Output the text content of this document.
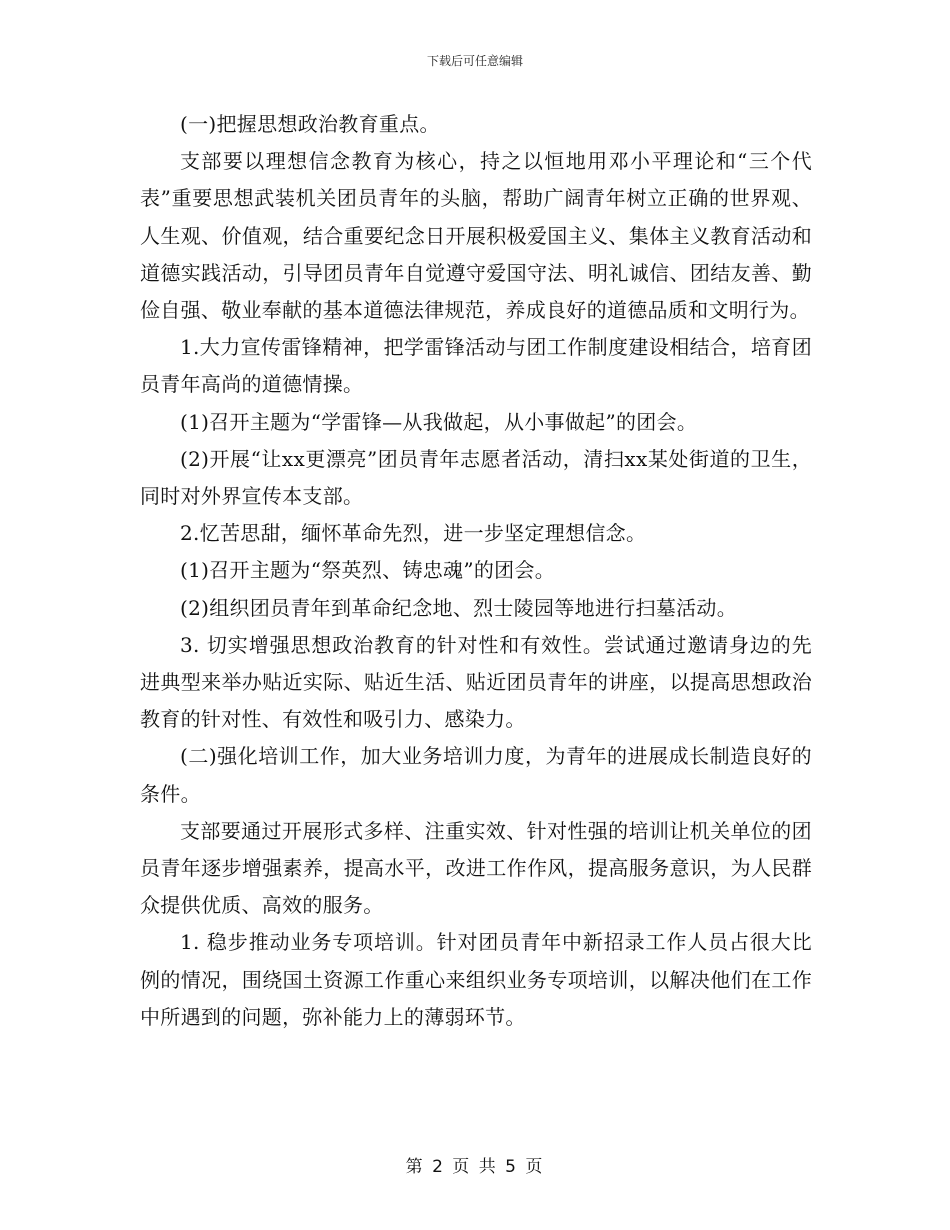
下载后可任意编辑

(一)把握思想政治教育重点。

支部要以理想信念教育为核心，持之以恒地用邓小平理论和“三个代表”重要思想武装机关团员青年的头脑，帮助广阔青年树立正确的世界观、人生观、价值观，结合重要纪念日开展积极爱国主义、集体主义教育活动和道德实践活动，引导团员青年自觉遵守爱国守法、明礼诚信、团结友善、勤俭自强、敬业奉献的基本道德法律规范，养成良好的道德品质和文明行为。

1.大力宣传雷锋精神，把学雷锋活动与团工作制度建设相结合，培育团员青年高尚的道德情操。

(1)召开主题为“学雷锋—从我做起，从小事做起”的团会。

(2)开展“让xx更漂亮”团员青年志愿者活动，清扫xx某处街道的卫生，同时对外界宣传本支部。

2.忆苦思甜，缅怀革命先烈，进一步坚定理想信念。

(1)召开主题为“祭英烈、铸忠魂”的团会。

(2)组织团员青年到革命纪念地、烈士陵园等地进行扫墓活动。

3. 切实增强思想政治教育的针对性和有效性。尝试通过邀请身边的先进典型来举办贴近实际、贴近生活、贴近团员青年的讲座，以提高思想政治教育的针对性、有效性和吸引力、感染力。

(二)强化培训工作，加大业务培训力度，为青年的进展成长制造良好的条件。

支部要通过开展形式多样、注重实效、针对性强的培训让机关单位的团员青年逐步增强素养，提高水平，改进工作作风，提高服务意识，为人民群众提供优质、高效的服务。

1. 稳步推动业务专项培训。针对团员青年中新招录工作人员占很大比例的情况，围绕国土资源工作重心来组织业务专项培训，以解决他们在工作中所遇到的问题，弥补能力上的薄弱环节。

第 2 页 共 5 页
